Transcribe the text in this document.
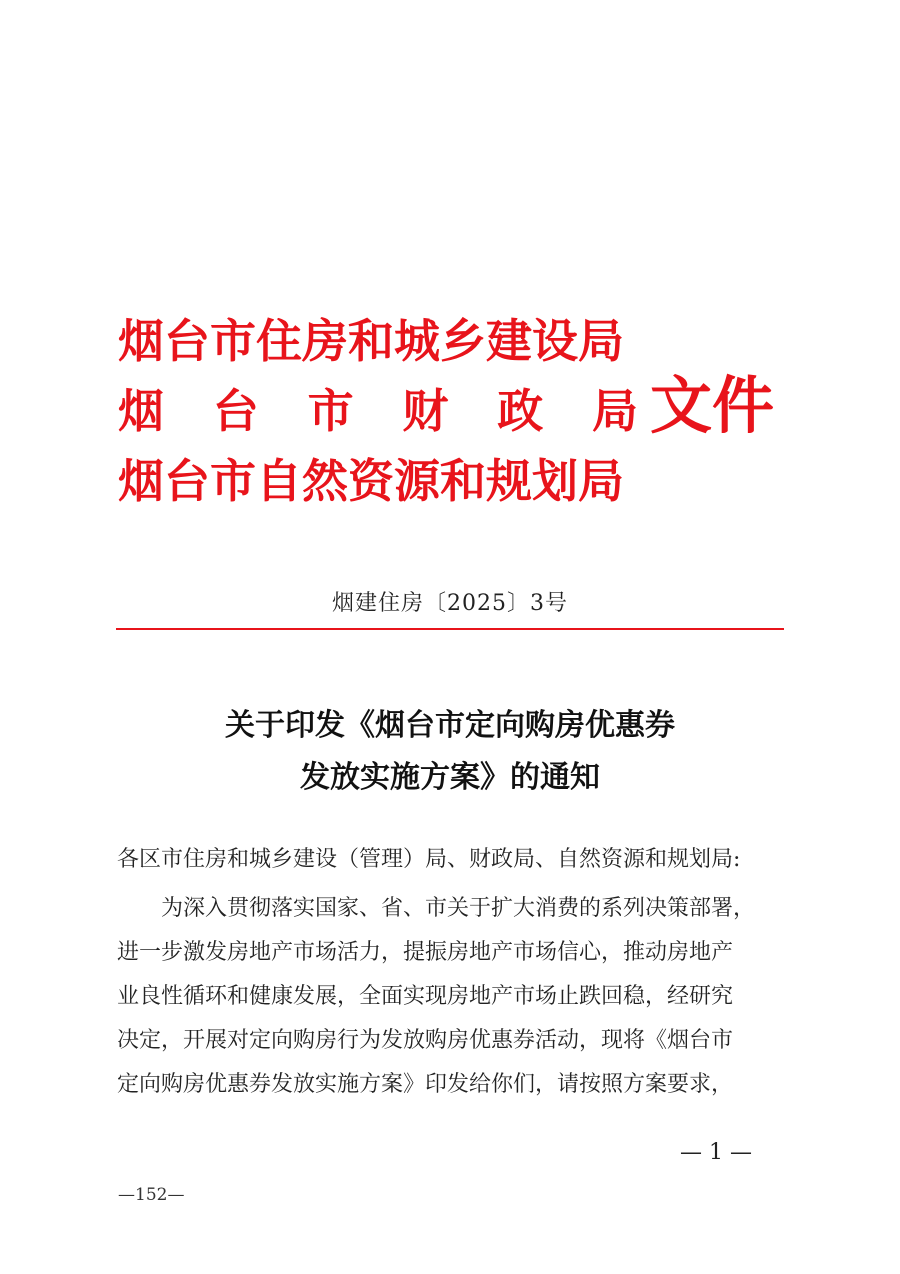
烟台市住房和城乡建设局
烟台市财政局
烟台市自然资源和规划局
文件
烟建住房〔2025〕3号
关于印发《烟台市定向购房优惠券
发放实施方案》的通知
各区市住房和城乡建设（管理）局、财政局、自然资源和规划局:
为深入贯彻落实国家、省、市关于扩大消费的系列决策部署，
进一步激发房地产市场活力，提振房地产市场信心，推动房地产
业良性循环和健康发展，全面实现房地产市场止跌回稳，经研究
决定，开展对定向购房行为发放购房优惠券活动，现将《烟台市
定向购房优惠券发放实施方案》印发给你们，请按照方案要求，
— 1 —
—152—
